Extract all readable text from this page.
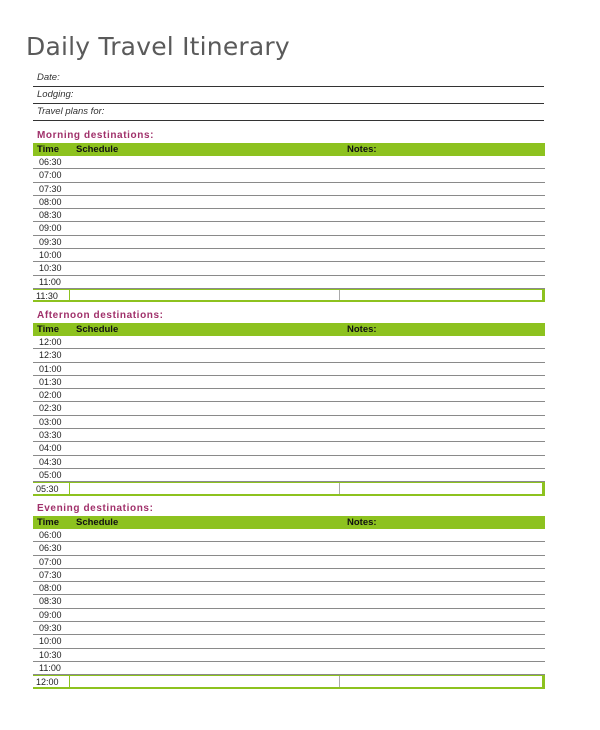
Daily Travel Itinerary
Date:
Lodging:
Travel plans for:
Morning destinations:
Time	Schedule	Notes:
06:30
07:00
07:30
08:00
08:30
09:00
09:30
10:00
10:30
11:00
11:30
Afternoon destinations:
Time	Schedule	Notes:
12:00
12:30
01:00
01:30
02:00
02:30
03:00
03:30
04:00
04:30
05:00
05:30
Evening destinations:
Time	Schedule	Notes:
06:00
06:30
07:00
07:30
08:00
08:30
09:00
09:30
10:00
10:30
11:00
12:00
